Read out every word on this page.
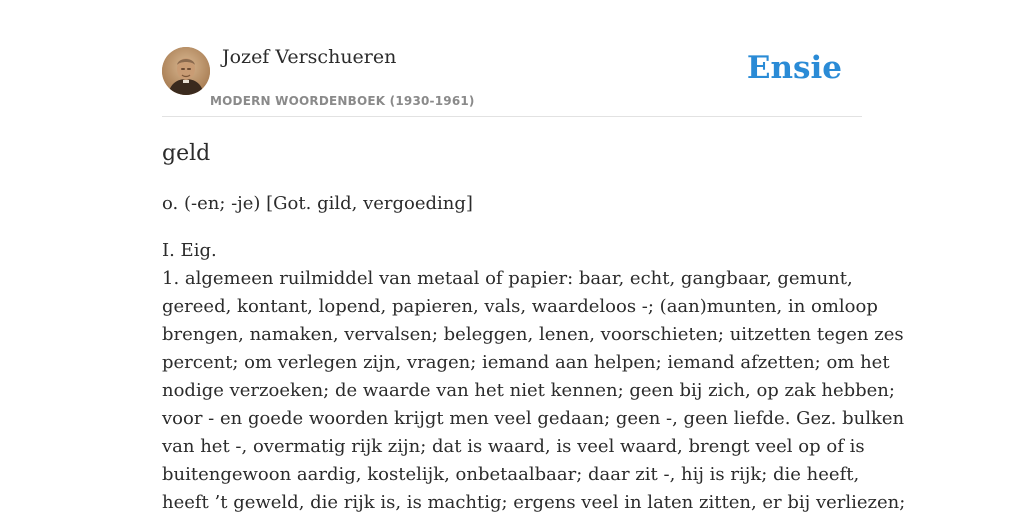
Jozef Verschueren
MODERN WOORDENBOEK (1930-1961)
Ensie
geld

o. (-en; -je) [Got. gild, vergoeding]

I. Eig.

1. algemeen ruilmiddel van metaal of papier: baar, echt, gangbaar, gemunt,
gereed, kontant, lopend, papieren, vals, waardeloos -; (aan)munten, in omloop
brengen, namaken, vervalsen; beleggen, lenen, voorschieten; uitzetten tegen zes
percent; om verlegen zijn, vragen; iemand aan helpen; iemand afzetten; om het
nodige verzoeken; de waarde van het niet kennen; geen bij zich, op zak hebben;
voor - en goede woorden krijgt men veel gedaan; geen -, geen liefde. Gez. bulken
van het -, overmatig rijk zijn; dat is waard, is veel waard, brengt veel op of is
buitengewoon aardig, kostelijk, onbetaalbaar; daar zit -, hij is rijk; die heeft,
heeft ’t geweld, die rijk is, is machtig; ergens veel in laten zitten, er bij verliezen;
